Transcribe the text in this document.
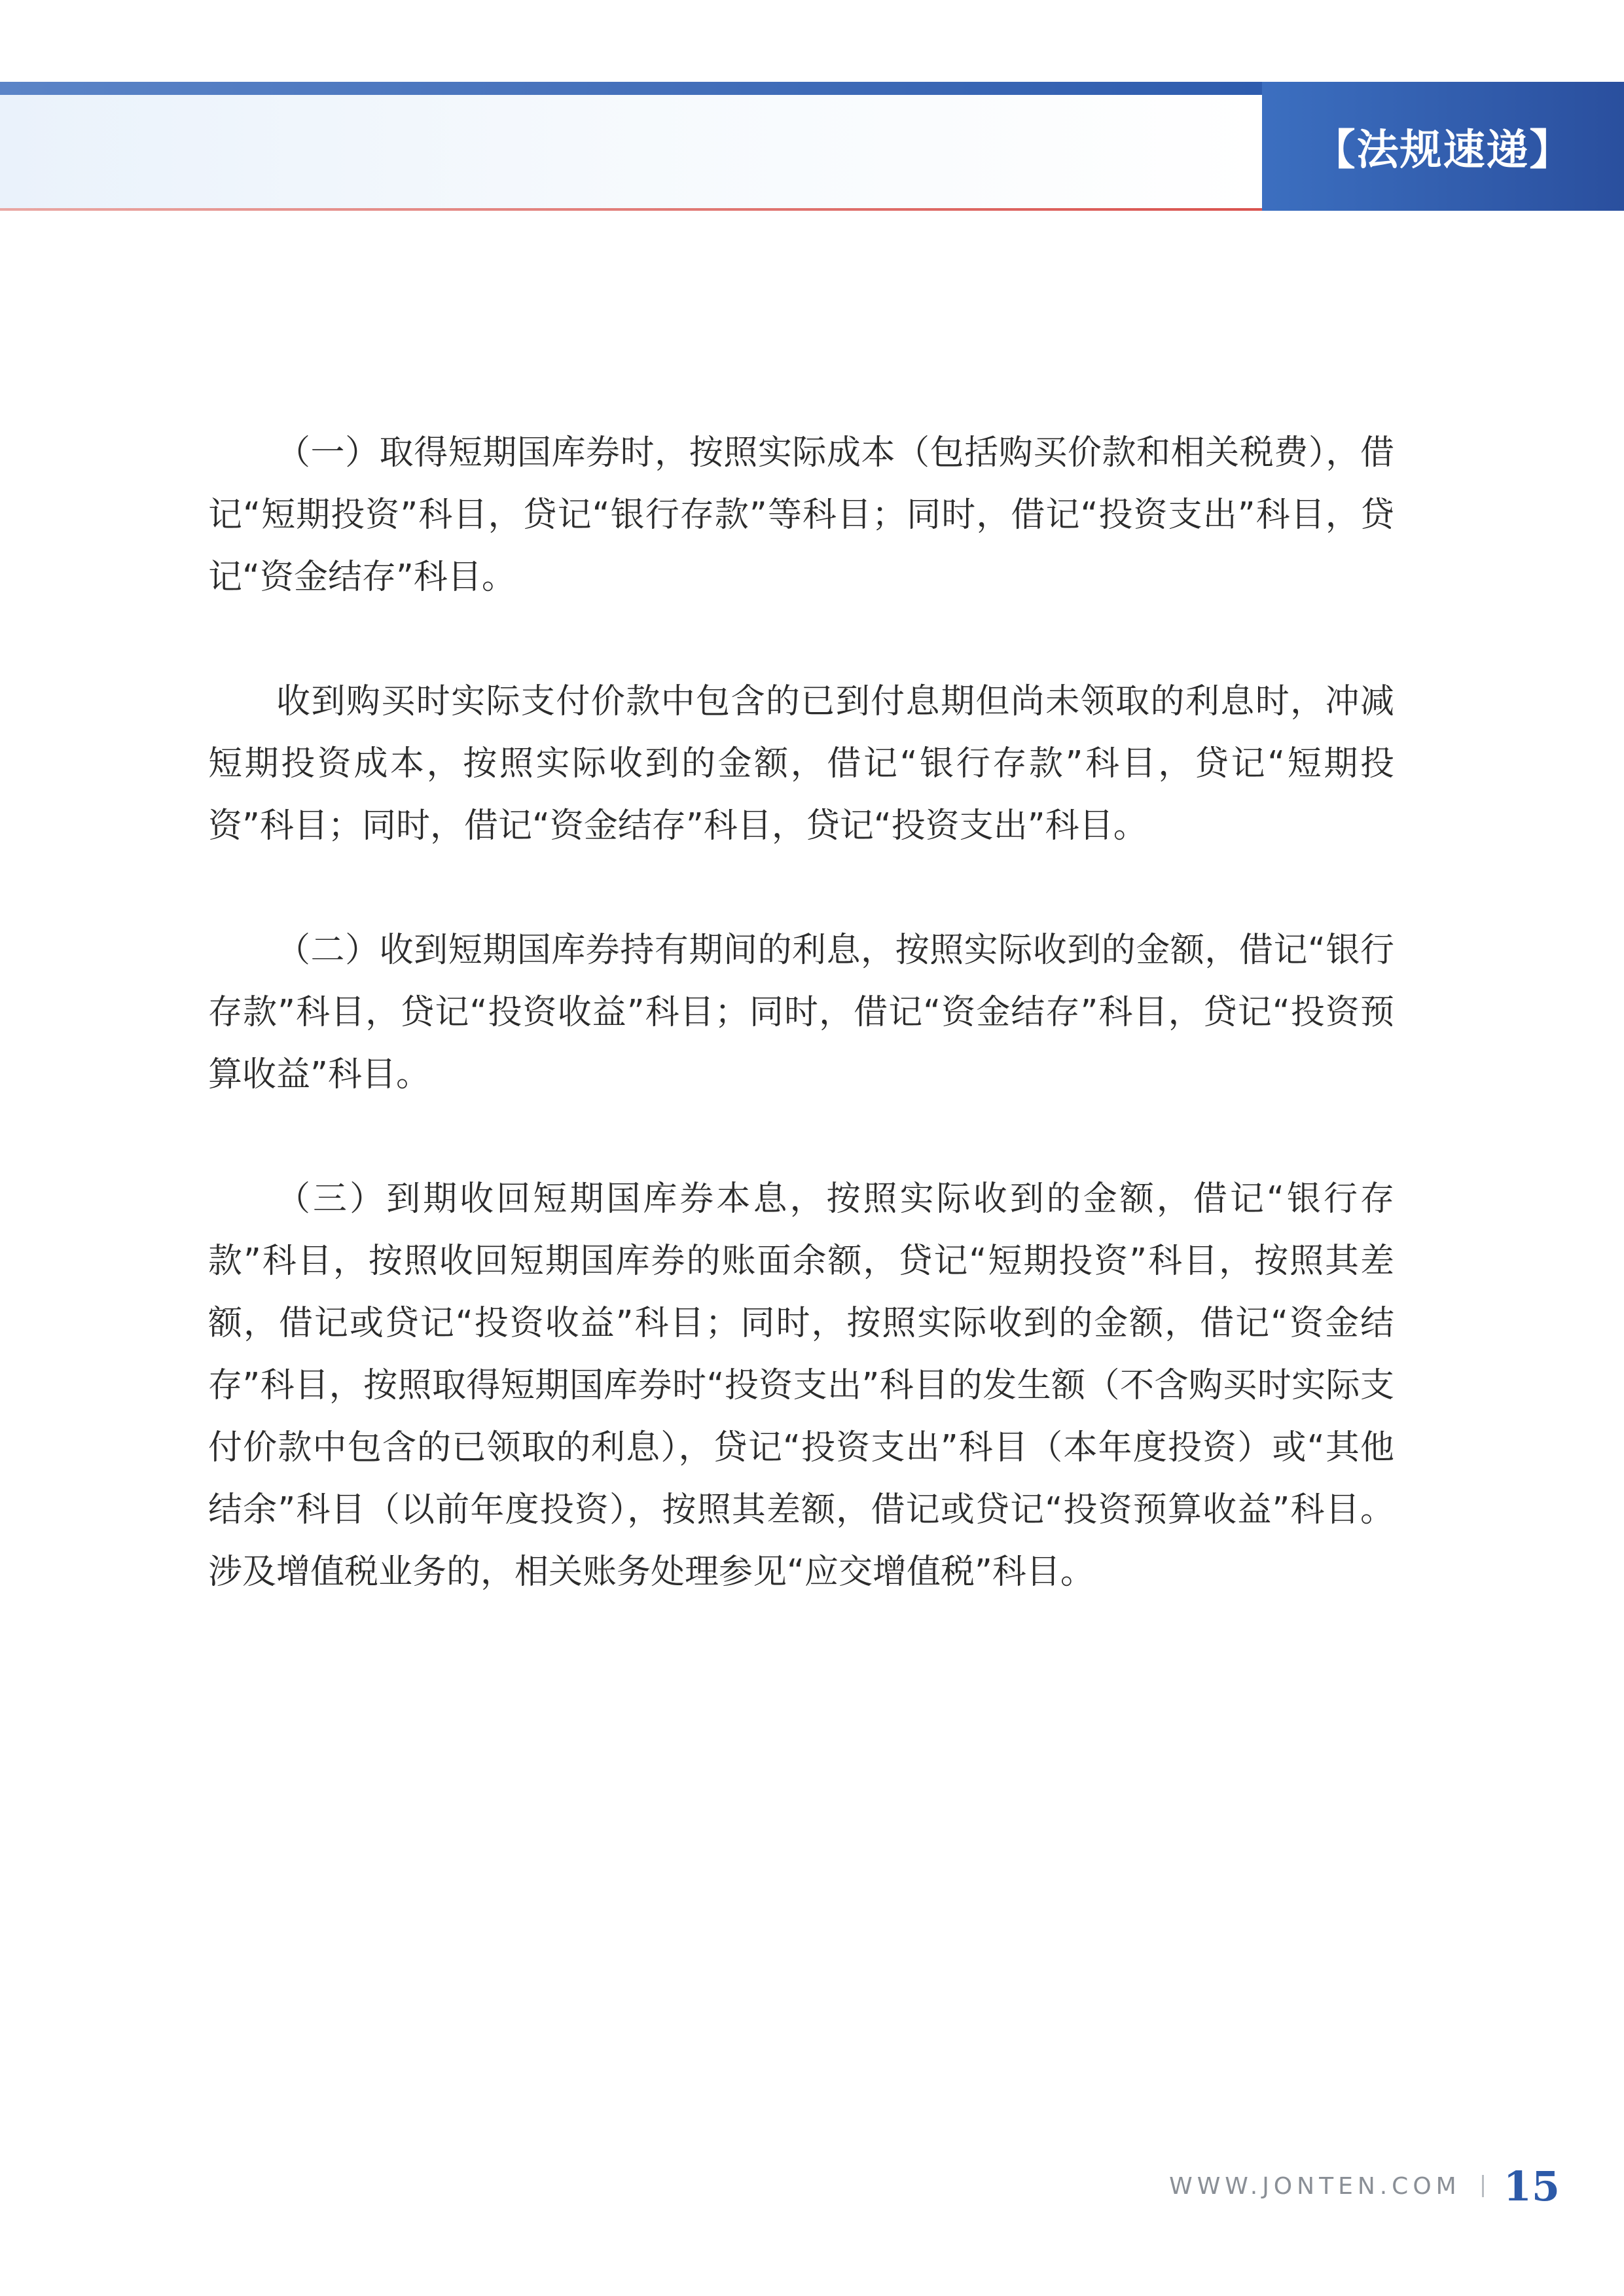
【法规速递】

（一）取得短期国库券时，按照实际成本（包括购买价款和相关税费），借记“短期投资”科目，贷记“银行存款”等科目；同时，借记“投资支出”科目，贷记“资金结存”科目。

收到购买时实际支付价款中包含的已到付息期但尚未领取的利息时，冲减短期投资成本，按照实际收到的金额，借记“银行存款”科目，贷记“短期投资”科目；同时，借记“资金结存”科目，贷记“投资支出”科目。

（二）收到短期国库券持有期间的利息，按照实际收到的金额，借记“银行存款”科目，贷记“投资收益”科目；同时，借记“资金结存”科目，贷记“投资预算收益”科目。

（三）到期收回短期国库券本息，按照实际收到的金额，借记“银行存款”科目，按照收回短期国库券的账面余额，贷记“短期投资”科目，按照其差额，借记或贷记“投资收益”科目；同时，按照实际收到的金额，借记“资金结存”科目，按照取得短期国库券时“投资支出”科目的发生额（不含购买时实际支付价款中包含的已领取的利息），贷记“投资支出”科目（本年度投资）或“其他结余”科目（以前年度投资），按照其差额，借记或贷记“投资预算收益”科目。涉及增值税业务的，相关账务处理参见“应交增值税”科目。

WWW.JONTEN.COM 15
